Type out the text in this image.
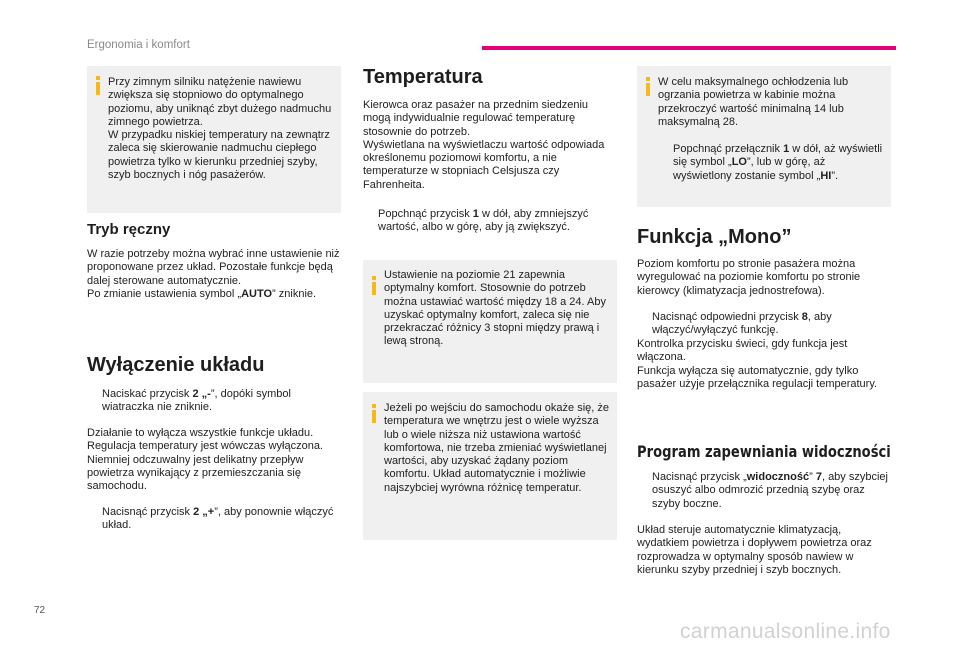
Ergonomia i komfort

Przy zimnym silniku natężenie nawiewu zwiększa się stopniowo do optymalnego poziomu, aby uniknąć zbyt dużego nadmuchu zimnego powietrza.
W przypadku niskiej temperatury na zewnątrz zaleca się skierowanie nadmuchu ciepłego powietrza tylko w kierunku przedniej szyby, szyb bocznych i nóg pasażerów.

Tryb ręczny

W razie potrzeby można wybrać inne ustawienie niż proponowane przez układ. Pozostałe funkcje będą dalej sterowane automatycznie.
Po zmianie ustawienia symbol „AUTO” zniknie.

Wyłączenie układu

Naciskać przycisk 2 „-”, dopóki symbol wiatraczka nie zniknie.

Działanie to wyłącza wszystkie funkcje układu. Regulacja temperatury jest wówczas wyłączona. Niemniej odczuwalny jest delikatny przepływ powietrza wynikający z przemieszczania się samochodu.

Nacisnąć przycisk 2 „+”, aby ponownie włączyć układ.

Temperatura

Kierowca oraz pasażer na przednim siedzeniu mogą indywidualnie regulować temperaturę stosownie do potrzeb.
Wyświetlana na wyświetlaczu wartość odpowiada określonemu poziomowi komfortu, a nie temperaturze w stopniach Celsjusza czy Fahrenheita.

Popchnąć przycisk 1 w dół, aby zmniejszyć wartość, albo w górę, aby ją zwiększyć.

Ustawienie na poziomie 21 zapewnia optymalny komfort. Stosownie do potrzeb można ustawiać wartość między 18 a 24. Aby uzyskać optymalny komfort, zaleca się nie przekraczać różnicy 3 stopni między prawą i lewą stroną.

Jeżeli po wejściu do samochodu okaże się, że temperatura we wnętrzu jest o wiele wyższa lub o wiele niższa niż ustawiona wartość komfortowa, nie trzeba zmieniać wyświetlanej wartości, aby uzyskać żądany poziom komfortu. Układ automatycznie i możliwie najszybciej wyrówna różnicę temperatur.

W celu maksymalnego ochłodzenia lub ogrzania powietrza w kabinie można przekroczyć wartość minimalną 14 lub maksymalną 28.

Popchnąć przełącznik 1 w dół, aż wyświetli się symbol „LO”, lub w górę, aż wyświetlony zostanie symbol „HI”.

Funkcja „Mono”

Poziom komfortu po stronie pasażera można wyregulować na poziomie komfortu po stronie kierowcy (klimatyzacja jednostrefowa).

Nacisnąć odpowiedni przycisk 8, aby włączyć/wyłączyć funkcję.

Kontrolka przycisku świeci, gdy funkcja jest włączona.
Funkcja wyłącza się automatycznie, gdy tylko pasażer użyje przełącznika regulacji temperatury.

Program zapewniania widoczności

Nacisnąć przycisk „widoczność” 7, aby szybciej osuszyć albo odmrozić przednią szybę oraz szyby boczne.

Układ steruje automatycznie klimatyzacją, wydatkiem powietrza i dopływem powietrza oraz rozprowadza w optymalny sposób nawiew w kierunku szyby przedniej i szyb bocznych.

72
carmanualsonline.info
